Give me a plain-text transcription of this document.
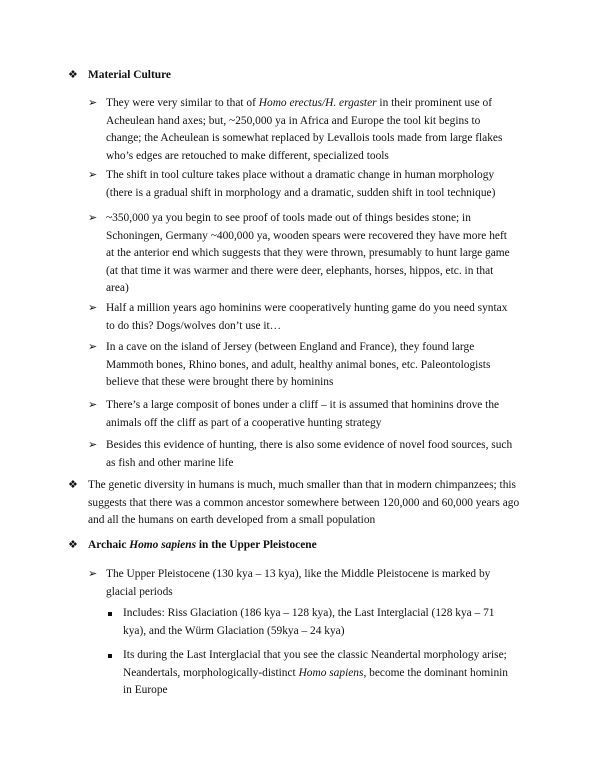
❖ Material Culture
➢ They were very similar to that of Homo erectus/H. ergaster in their prominent use of Acheulean hand axes; but, ~250,000 ya in Africa and Europe the tool kit begins to change; the Acheulean is somewhat replaced by Levallois tools made from large flakes who’s edges are retouched to make different, specialized tools
➢ The shift in tool culture takes place without a dramatic change in human morphology (there is a gradual shift in morphology and a dramatic, sudden shift in tool technique)
➢ ~350,000 ya you begin to see proof of tools made out of things besides stone; in Schoningen, Germany ~400,000 ya, wooden spears were recovered they have more heft at the anterior end which suggests that they were thrown, presumably to hunt large game (at that time it was warmer and there were deer, elephants, horses, hippos, etc. in that area)
➢ Half a million years ago hominins were cooperatively hunting game do you need syntax to do this? Dogs/wolves don’t use it…
➢ In a cave on the island of Jersey (between England and France), they found large Mammoth bones, Rhino bones, and adult, healthy animal bones, etc. Paleontologists believe that these were brought there by hominins
➢ There’s a large composit of bones under a cliff – it is assumed that hominins drove the animals off the cliff as part of a cooperative hunting strategy
➢ Besides this evidence of hunting, there is also some evidence of novel food sources, such as fish and other marine life
❖ The genetic diversity in humans is much, much smaller than that in modern chimpanzees; this suggests that there was a common ancestor somewhere between 120,000 and 60,000 years ago and all the humans on earth developed from a small population
❖ Archaic Homo sapiens in the Upper Pleistocene
➢ The Upper Pleistocene (130 kya – 13 kya), like the Middle Pleistocene is marked by glacial periods
Includes: Riss Glaciation (186 kya – 128 kya), the Last Interglacial (128 kya – 71 kya), and the Würm Glaciation (59kya – 24 kya)
Its during the Last Interglacial that you see the classic Neandertal morphology arise; Neandertals, morphologically-distinct Homo sapiens, become the dominant hominin in Europe
